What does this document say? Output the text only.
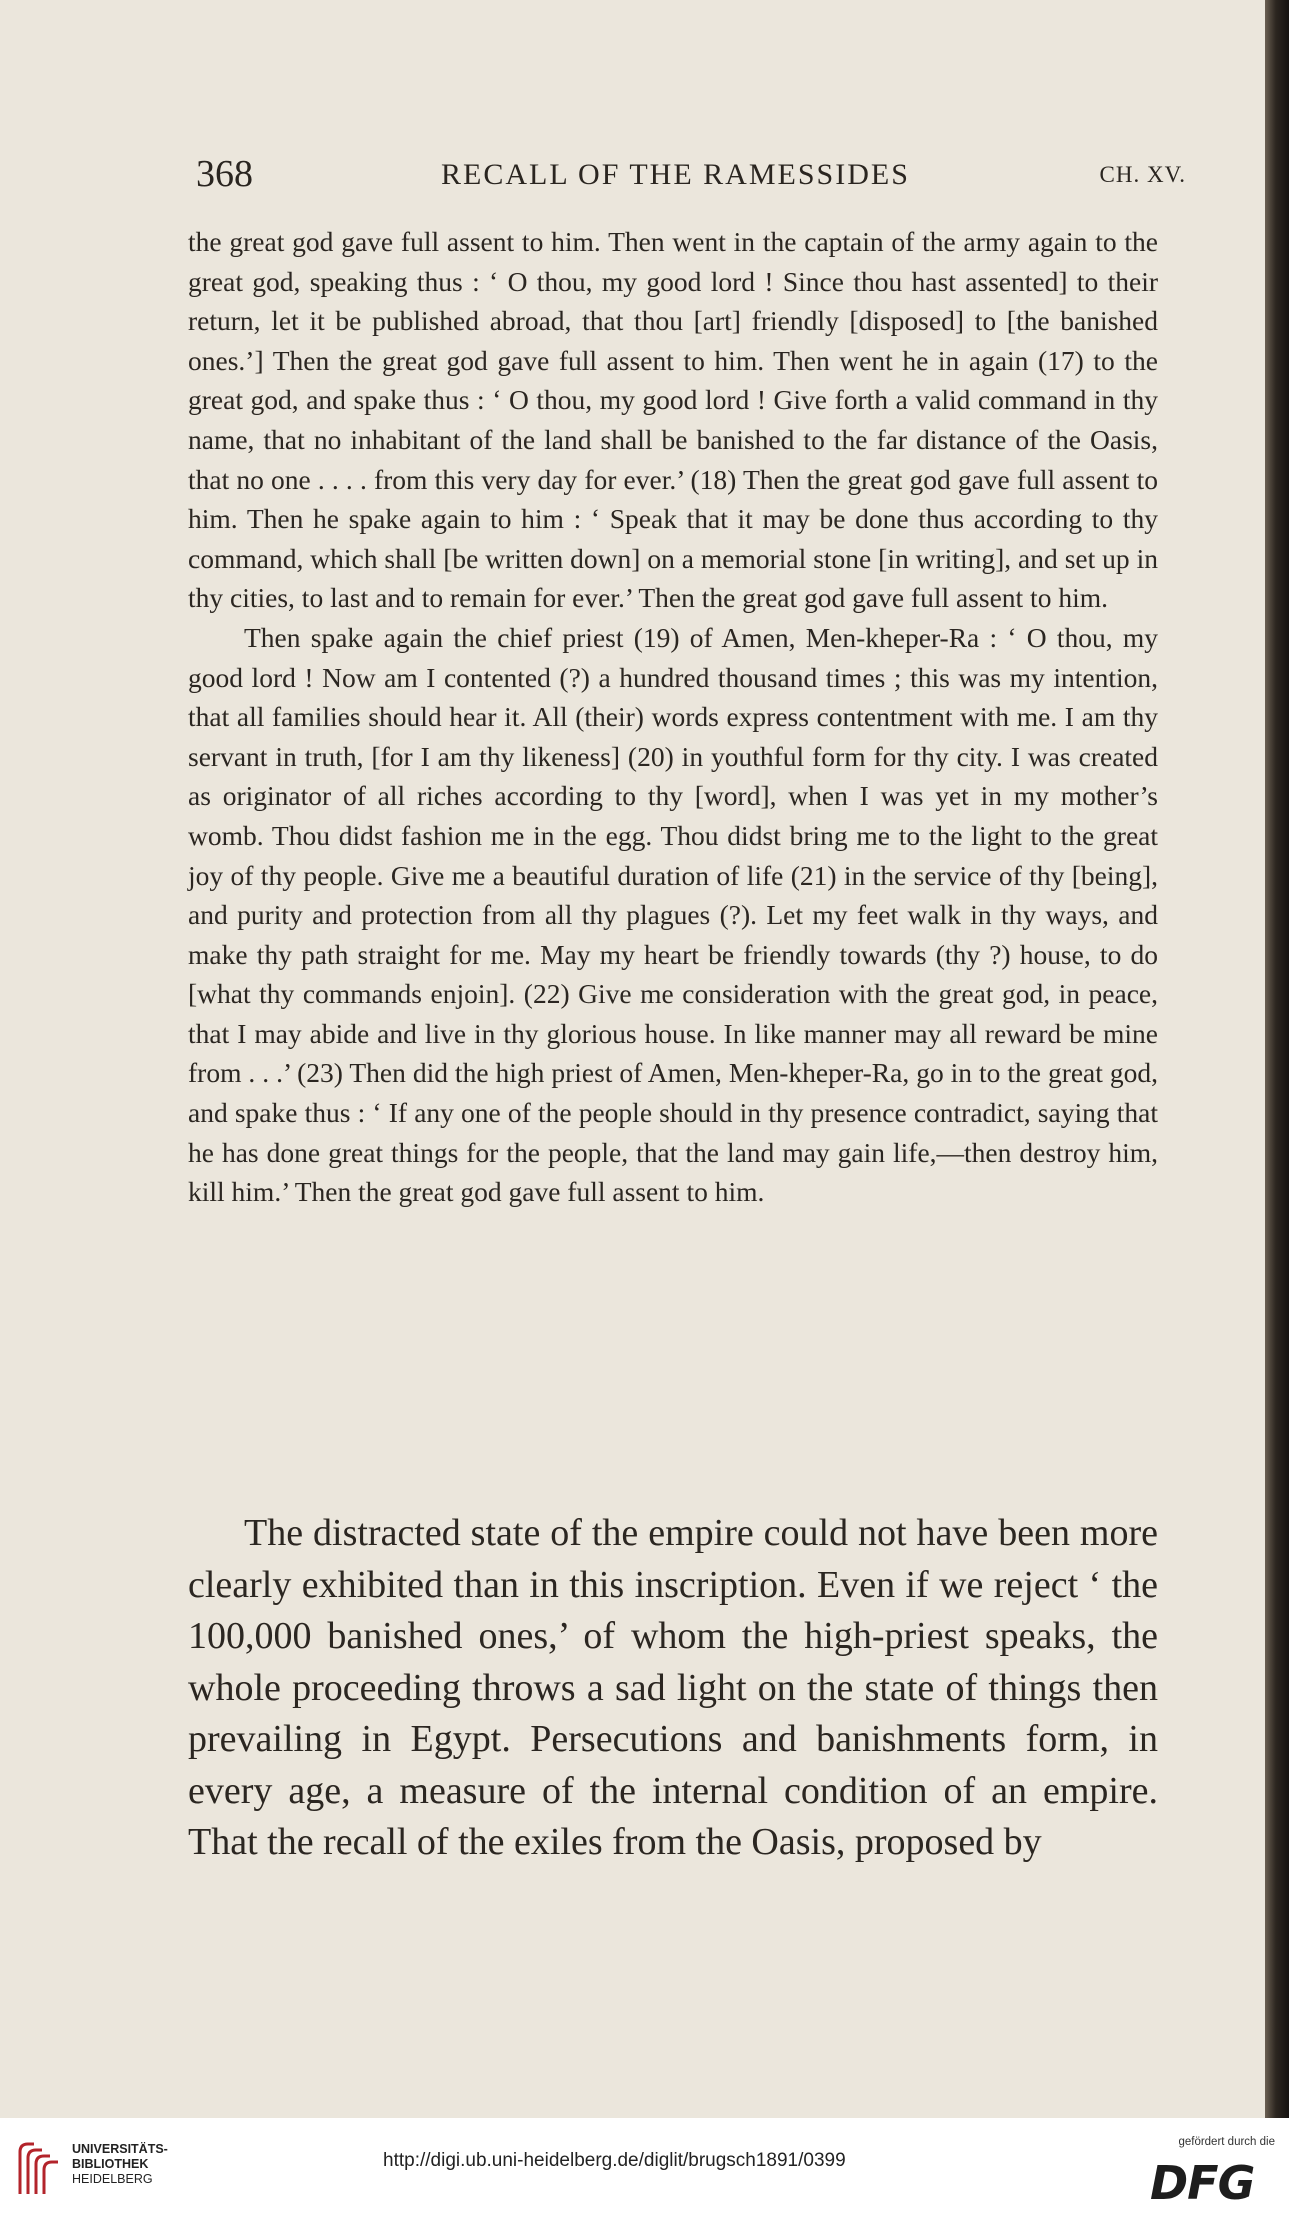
368	RECALL OF THE RAMESSIDES	CH. XV.

the great god gave full assent to him. Then went in the captain of the army again to the great god, speaking thus : ‘ O thou, my good lord ! Since thou hast assented] to their return, let it be published abroad, that thou [art] friendly [disposed] to [the banished ones.’] Then the great god gave full assent to him. Then went he in again (17) to the great god, and spake thus : ‘ O thou, my good lord ! Give forth a valid command in thy name, that no inhabitant of the land shall be banished to the far distance of the Oasis, that no one . . . . from this very day for ever.’ (18) Then the great god gave full assent to him. Then he spake again to him : ‘ Speak that it may be done thus according to thy command, which shall [be written down] on a memorial stone [in writing], and set up in thy cities, to last and to remain for ever.’ Then the great god gave full assent to him.

Then spake again the chief priest (19) of Amen, Men-kheper-Ra : ‘ O thou, my good lord ! Now am I contented (?) a hundred thousand times ; this was my intention, that all families should hear it. All (their) words express contentment with me. I am thy servant in truth, [for I am thy likeness] (20) in youthful form for thy city. I was created as originator of all riches according to thy [word], when I was yet in my mother’s womb. Thou didst fashion me in the egg. Thou didst bring me to the light to the great joy of thy people. Give me a beautiful duration of life (21) in the service of thy [being], and purity and protection from all thy plagues (?). Let my feet walk in thy ways, and make thy path straight for me. May my heart be friendly towards (thy ?) house, to do [what thy commands enjoin]. (22) Give me consideration with the great god, in peace, that I may abide and live in thy glorious house. In like manner may all reward be mine from . . .’ (23) Then did the high priest of Amen, Men-kheper-Ra, go in to the great god, and spake thus : ‘ If any one of the people should in thy presence contradict, saying that he has done great things for the people, that the land may gain life,—then destroy him, kill him.’ Then the great god gave full assent to him.

The distracted state of the empire could not have been more clearly exhibited than in this inscription. Even if we reject ‘ the 100,000 banished ones,’ of whom the high-priest speaks, the whole proceeding throws a sad light on the state of things then prevailing in Egypt. Persecutions and banishments form, in every age, a measure of the internal condition of an empire. That the recall of the exiles from the Oasis, proposed by

UNIVERSITÄTS-
BIBLIOTHEK
HEIDELBERG
http://digi.ub.uni-heidelberg.de/diglit/brugsch1891/0399
gefördert durch die
DFG
